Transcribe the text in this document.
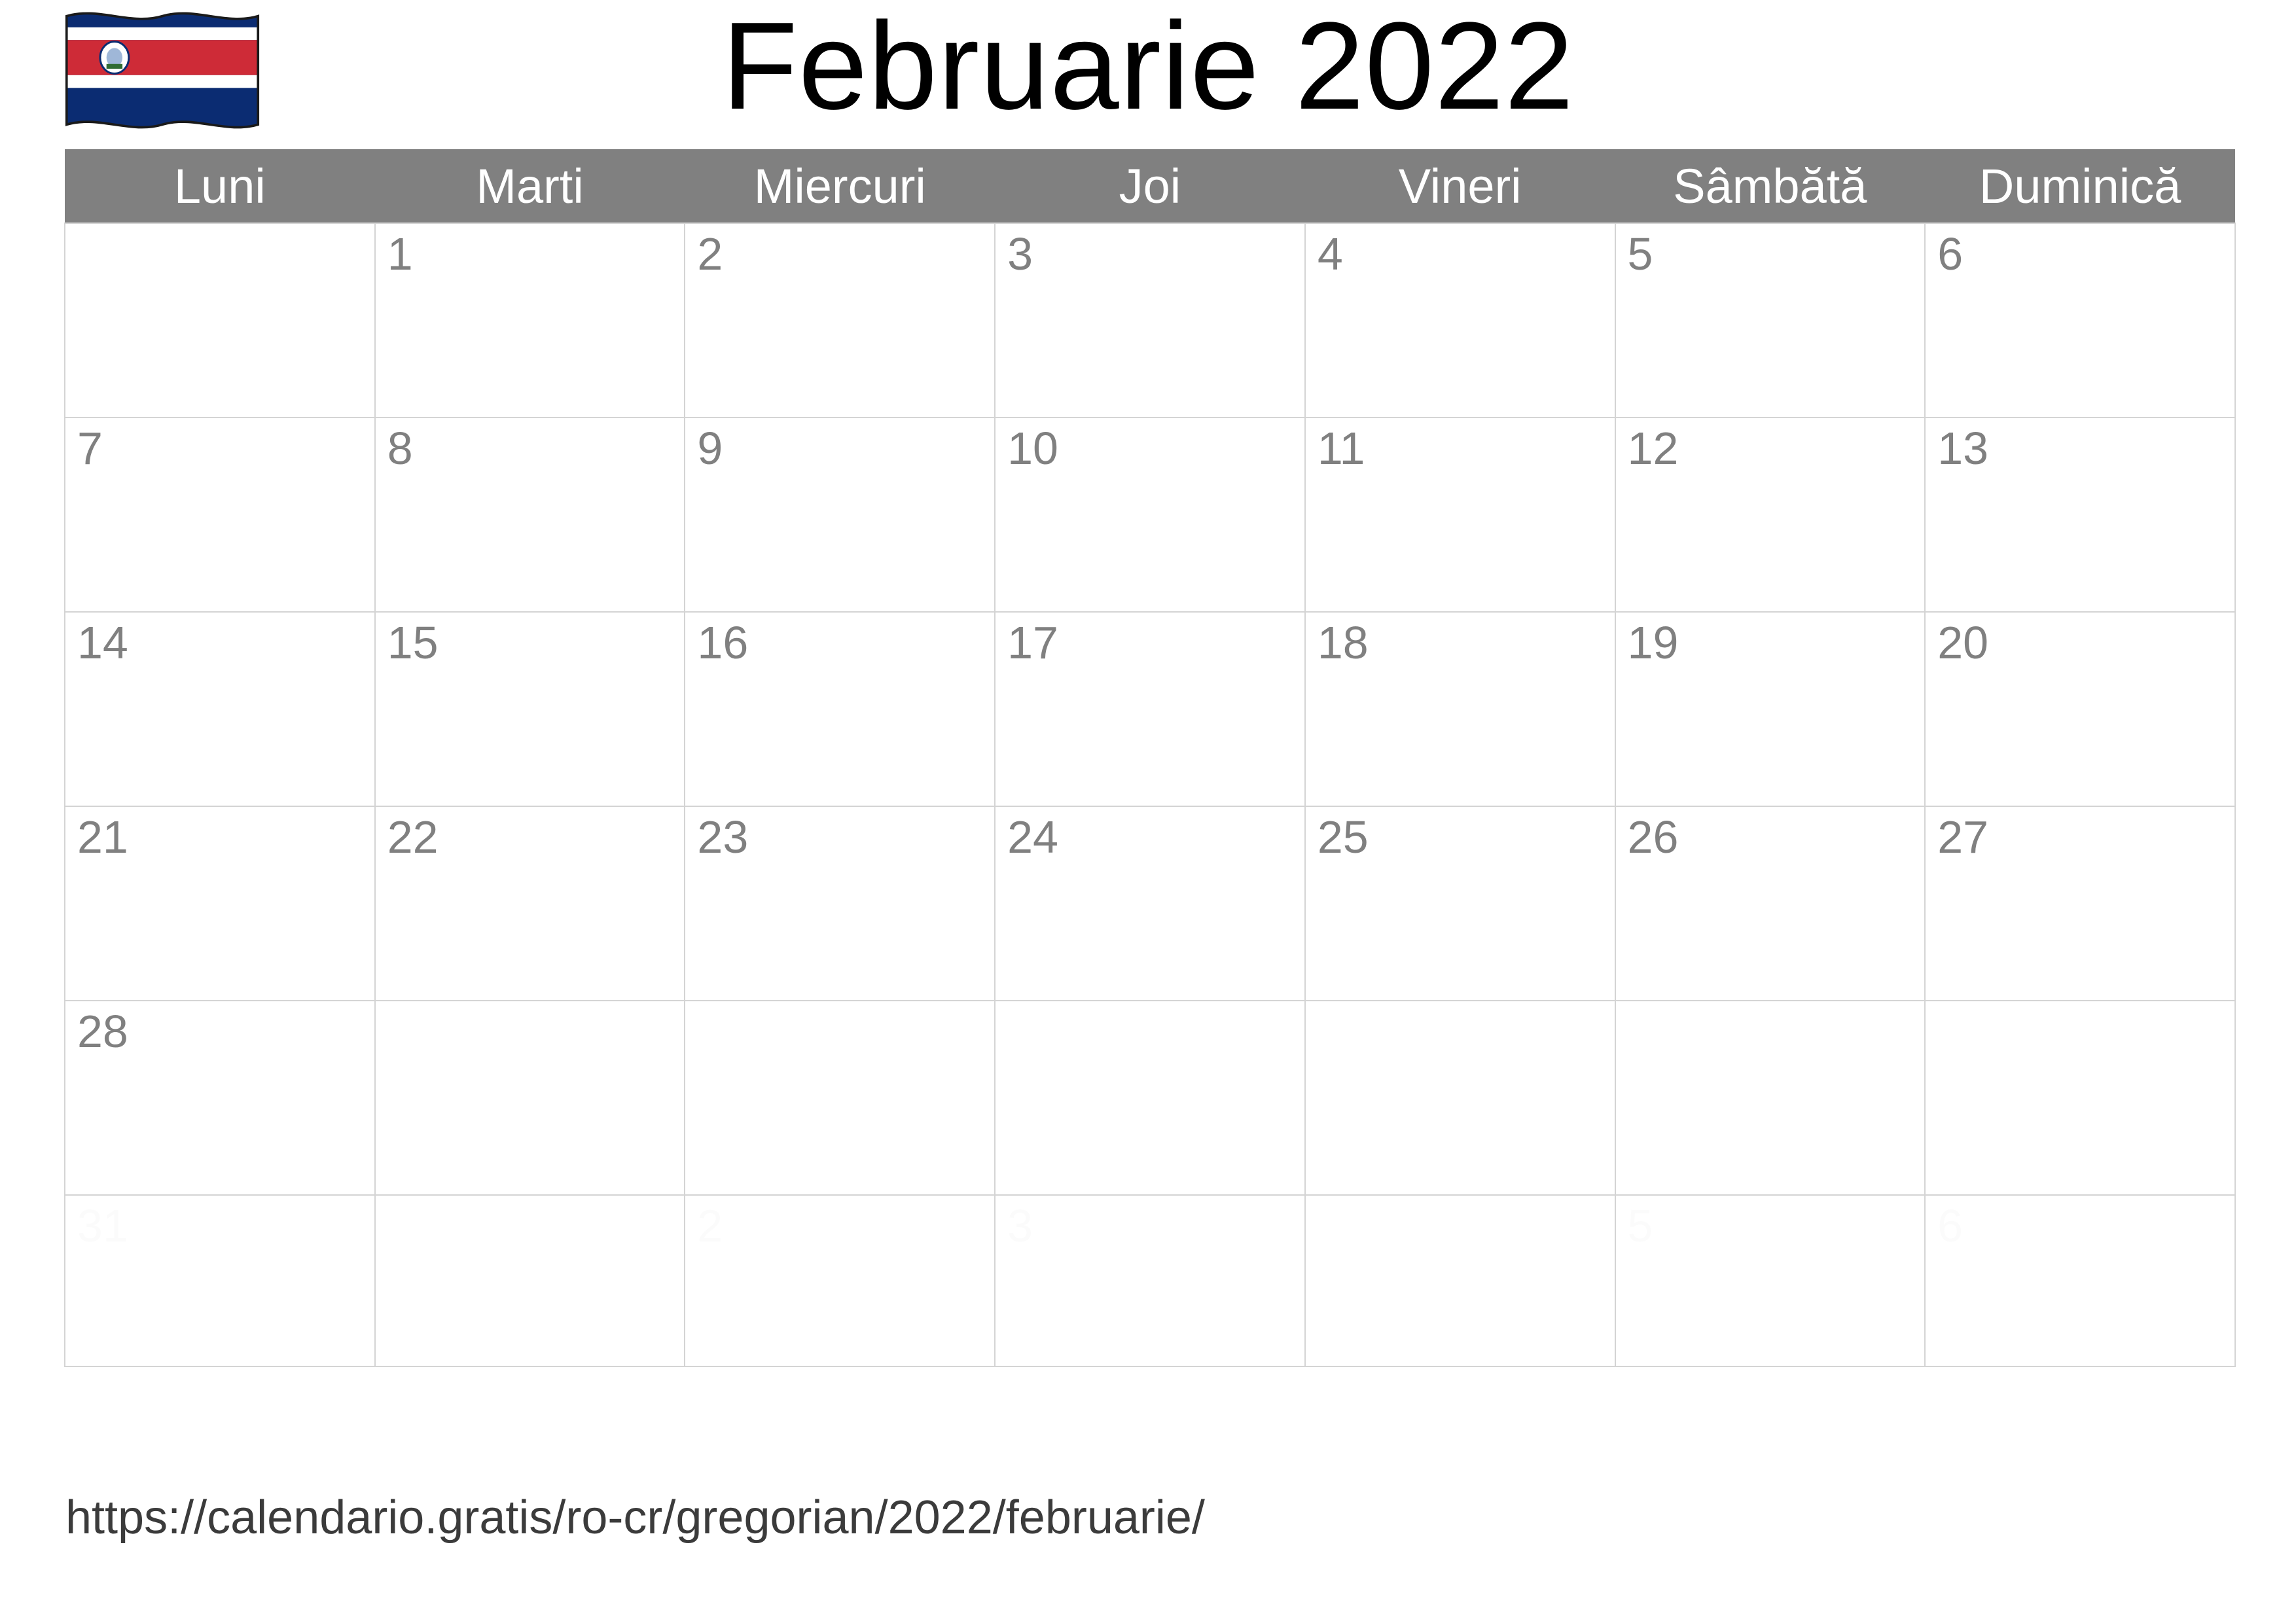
Februarie 2022
Luni	Marti	Miercuri	Joi	Vineri	Sâmbătă	Duminică

	1	2	3	4	5	6

7	8	9	10	11	12	13

14	15	16	17	18	19	20

21	22	23	24	25	26	27

28						

31		2	3		5	6
https://calendario.gratis/ro-cr/gregorian/2022/februarie/
